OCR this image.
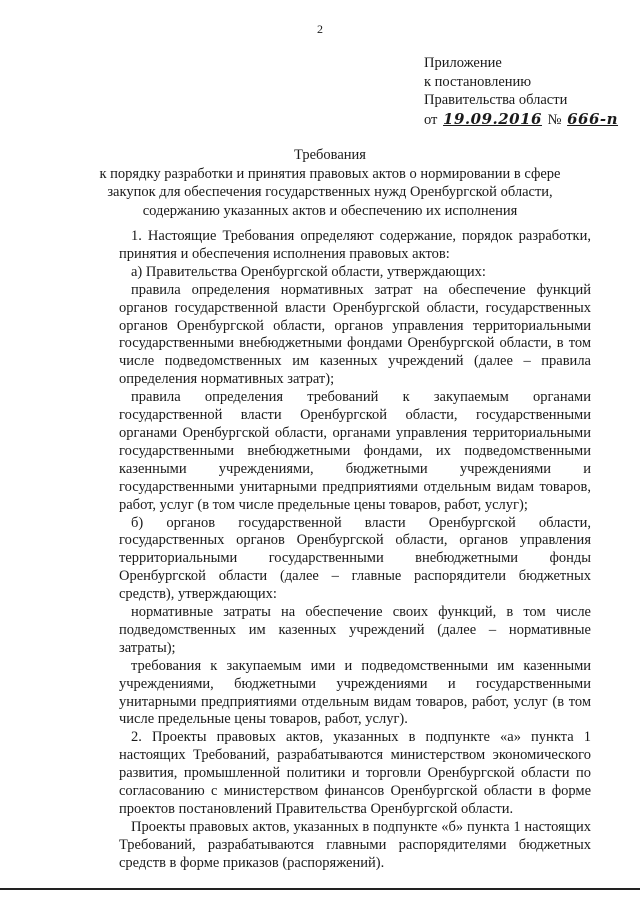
2
Приложение
к постановлению
Правительства области
от 19.09.2016 № 666-п
Требования
к порядку разработки и принятия правовых актов о нормировании в сфере
закупок для обеспечения государственных нужд Оренбургской области,
содержанию указанных актов и обеспечению их исполнения

1. Настоящие Требования определяют содержание, порядок разработки, принятия и обеспечения исполнения правовых актов:

а) Правительства Оренбургской области, утверждающих:

правила определения нормативных затрат на обеспечение функций органов государственной власти Оренбургской области, государственных органов Оренбургской области, органов управления территориальными государственными внебюджетными фондами Оренбургской области, в том числе подведомственных им казенных учреждений (далее – правила определения нормативных затрат);

правила определения требований к закупаемым органами государственной власти Оренбургской области, государственными органами Оренбургской области, органами управления территориальными государственными внебюджетными фондами, их подведомственными казенными учреждениями, бюджетными учреждениями и государственными унитарными предприятиями отдельным видам товаров, работ, услуг (в том числе предельные цены товаров, работ, услуг);

б) органов государственной власти Оренбургской области, государственных органов Оренбургской области, органов управления территориальными государственными внебюджетными фонды Оренбургской области (далее – главные распорядители бюджетных средств), утверждающих:

нормативные затраты на обеспечение своих функций, в том числе подведомственных им казенных учреждений (далее – нормативные затраты);

требования к закупаемым ими и подведомственными им казенными учреждениями, бюджетными учреждениями и государственными унитарными предприятиями отдельным видам товаров, работ, услуг (в том числе предельные цены товаров, работ, услуг).

2. Проекты правовых актов, указанных в подпункте «а» пункта 1 настоящих Требований, разрабатываются министерством экономического развития, промышленной политики и торговли Оренбургской области по согласованию с министерством финансов Оренбургской области в форме проектов постановлений Правительства Оренбургской области.

Проекты правовых актов, указанных в подпункте «б» пункта 1 настоящих Требований, разрабатываются главными распорядителями бюджетных средств в форме приказов (распоряжений).
